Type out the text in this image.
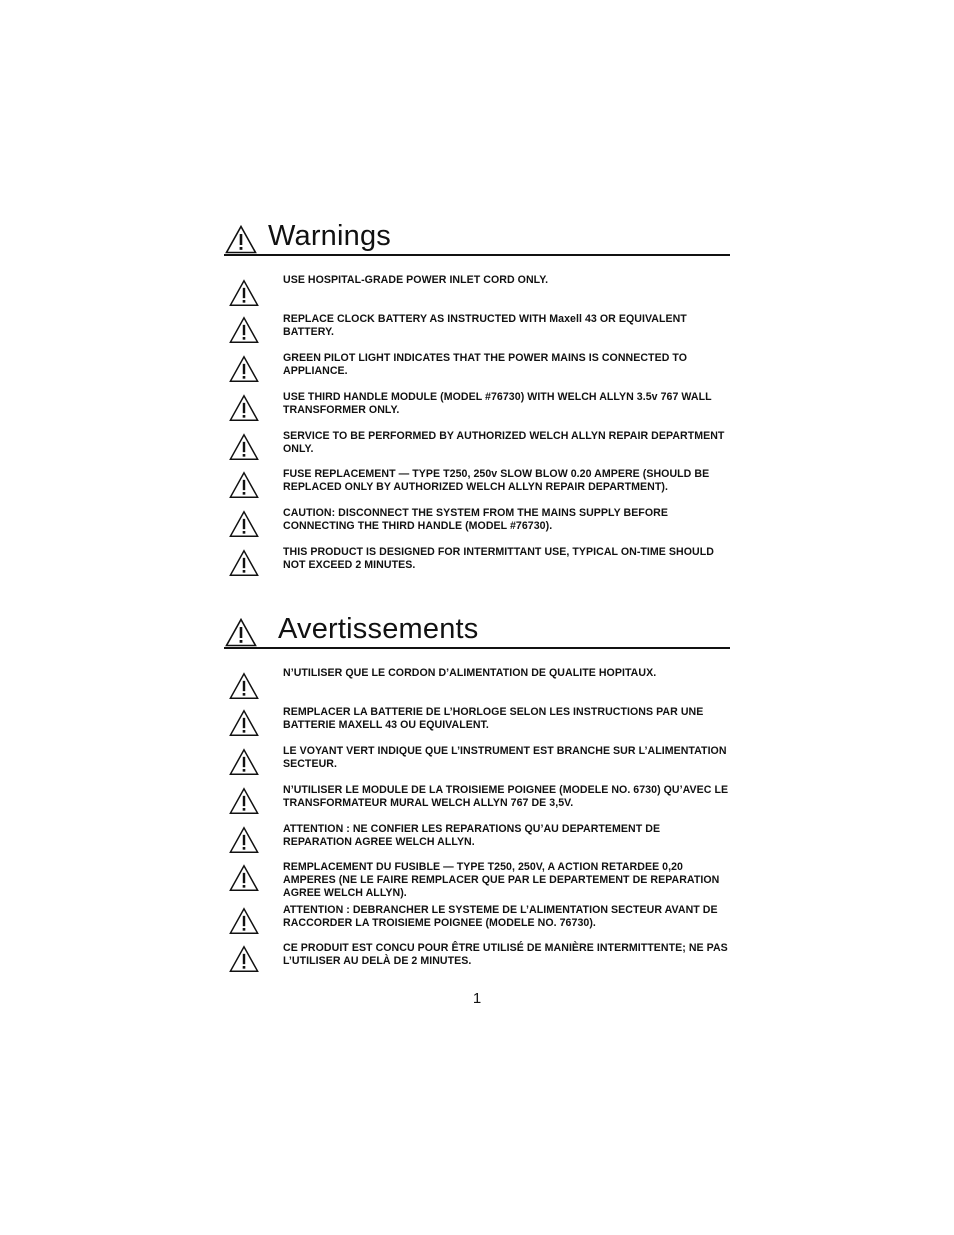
Warnings

USE HOSPITAL-GRADE POWER INLET CORD ONLY.

REPLACE CLOCK BATTERY AS INSTRUCTED WITH Maxell 43 OR EQUIVALENT BATTERY.

GREEN PILOT LIGHT INDICATES THAT THE POWER MAINS IS CONNECTED TO APPLIANCE.

USE THIRD HANDLE MODULE (MODEL #76730) WITH WELCH ALLYN 3.5v 767 WALL TRANSFORMER ONLY.

SERVICE TO BE PERFORMED BY AUTHORIZED WELCH ALLYN REPAIR DEPARTMENT ONLY.

FUSE REPLACEMENT — TYPE T250, 250v SLOW BLOW 0.20 AMPERE (SHOULD BE REPLACED ONLY BY AUTHORIZED WELCH ALLYN REPAIR DEPARTMENT).

CAUTION: DISCONNECT THE SYSTEM FROM THE MAINS SUPPLY BEFORE CONNECTING THE THIRD HANDLE (MODEL #76730).

THIS PRODUCT IS DESIGNED FOR INTERMITTANT USE, TYPICAL ON-TIME SHOULD NOT EXCEED 2 MINUTES.

Avertissements

N’UTILISER QUE LE CORDON D’ALIMENTATION DE QUALITE HOPITAUX.

REMPLACER LA BATTERIE DE L’HORLOGE SELON LES INSTRUCTIONS PAR UNE BATTERIE MAXELL 43 OU EQUIVALENT.

LE VOYANT VERT INDIQUE QUE L’INSTRUMENT EST BRANCHE SUR L’ALIMENTATION SECTEUR.

N’UTILISER LE MODULE DE LA TROISIEME POIGNEE (MODELE NO. 6730) QU’AVEC LE TRANSFORMATEUR MURAL WELCH ALLYN 767 DE 3,5V.

ATTENTION : NE CONFIER LES REPARATIONS QU’AU DEPARTEMENT DE REPARATION AGREE WELCH ALLYN.

REMPLACEMENT DU FUSIBLE — TYPE T250, 250V, A ACTION RETARDEE 0,20 AMPERES (NE LE FAIRE REMPLACER QUE PAR LE DEPARTEMENT DE REPARATION AGREE WELCH ALLYN).

ATTENTION : DEBRANCHER LE SYSTEME DE L’ALIMENTATION SECTEUR AVANT DE RACCORDER LA TROISIEME POIGNEE (MODELE NO. 76730).

CE PRODUIT EST CONCU POUR ÊTRE UTILISÉ DE MANIÈRE INTERMITTENTE; NE PAS L’UTILISER AU DELÀ DE 2 MINUTES.

1
